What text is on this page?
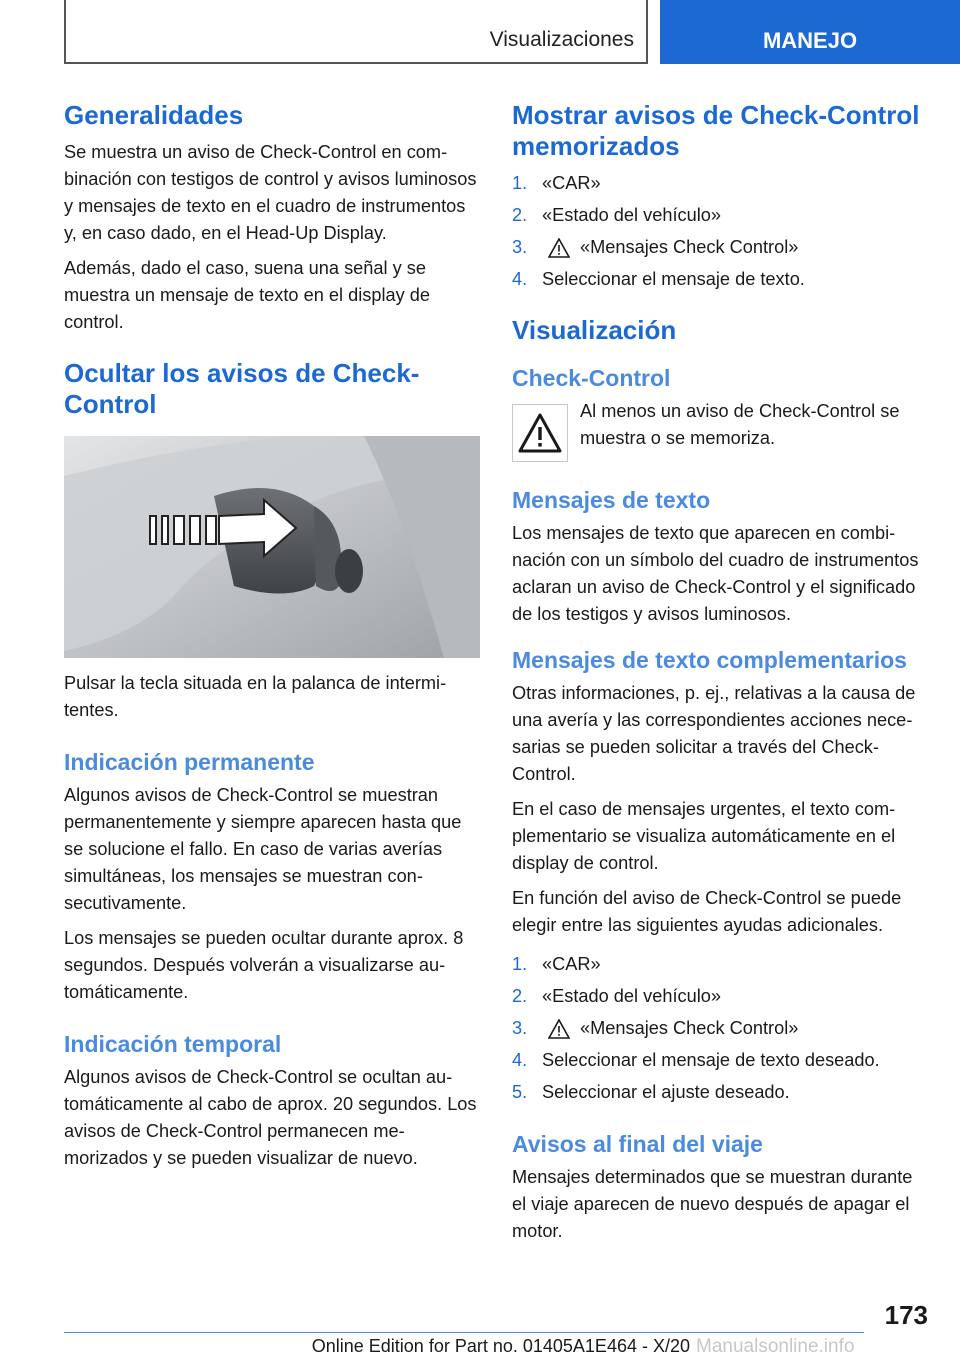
Visualizaciones	MANEJO
Generalidades

Se muestra un aviso de Check-Control en combinación con testigos de control y avisos luminosos y mensajes de texto en el cuadro de instrumentos y, en caso dado, en el Head-Up Display.

Además, dado el caso, suena una señal y se muestra un mensaje de texto en el display de control.

Ocultar los avisos de Check-Control

Pulsar la tecla situada en la palanca de intermitentes.

Indicación permanente

Algunos avisos de Check-Control se muestran permanentemente y siempre aparecen hasta que se solucione el fallo. En caso de varias averías simultáneas, los mensajes se muestran consecutivamente.

Los mensajes se pueden ocultar durante aprox. 8 segundos. Después volverán a visualizarse automáticamente.

Indicación temporal

Algunos avisos de Check-Control se ocultan automáticamente al cabo de aprox. 20 segundos. Los avisos de Check-Control permanecen memorizados y se pueden visualizar de nuevo.

Mostrar avisos de Check-Control memorizados
1. «CAR»
2. «Estado del vehículo»
3.	«Mensajes Check Control»
4. Seleccionar el mensaje de texto.
Visualización
Check-Control

Al menos un aviso de Check-Control se muestra o se memoriza.

Mensajes de texto

Los mensajes de texto que aparecen en combinación con un símbolo del cuadro de instrumentos aclaran un aviso de Check-Control y el significado de los testigos y avisos luminosos.

Mensajes de texto complementarios

Otras informaciones, p. ej., relativas a la causa de una avería y las correspondientes acciones necesarias se pueden solicitar a través del Check-Control.

En el caso de mensajes urgentes, el texto complementario se visualiza automáticamente en el display de control.

En función del aviso de Check-Control se puede elegir entre las siguientes ayudas adicionales.

1. «CAR»
2. «Estado del vehículo»
3.	«Mensajes Check Control»
4. Seleccionar el mensaje de texto deseado.
5. Seleccionar el ajuste deseado.
Avisos al final del viaje

Mensajes determinados que se muestran durante el viaje aparecen de nuevo después de apagar el motor.

173
Online Edition for Part no. 01405A1E464 - X/20 Manualsonline.info
